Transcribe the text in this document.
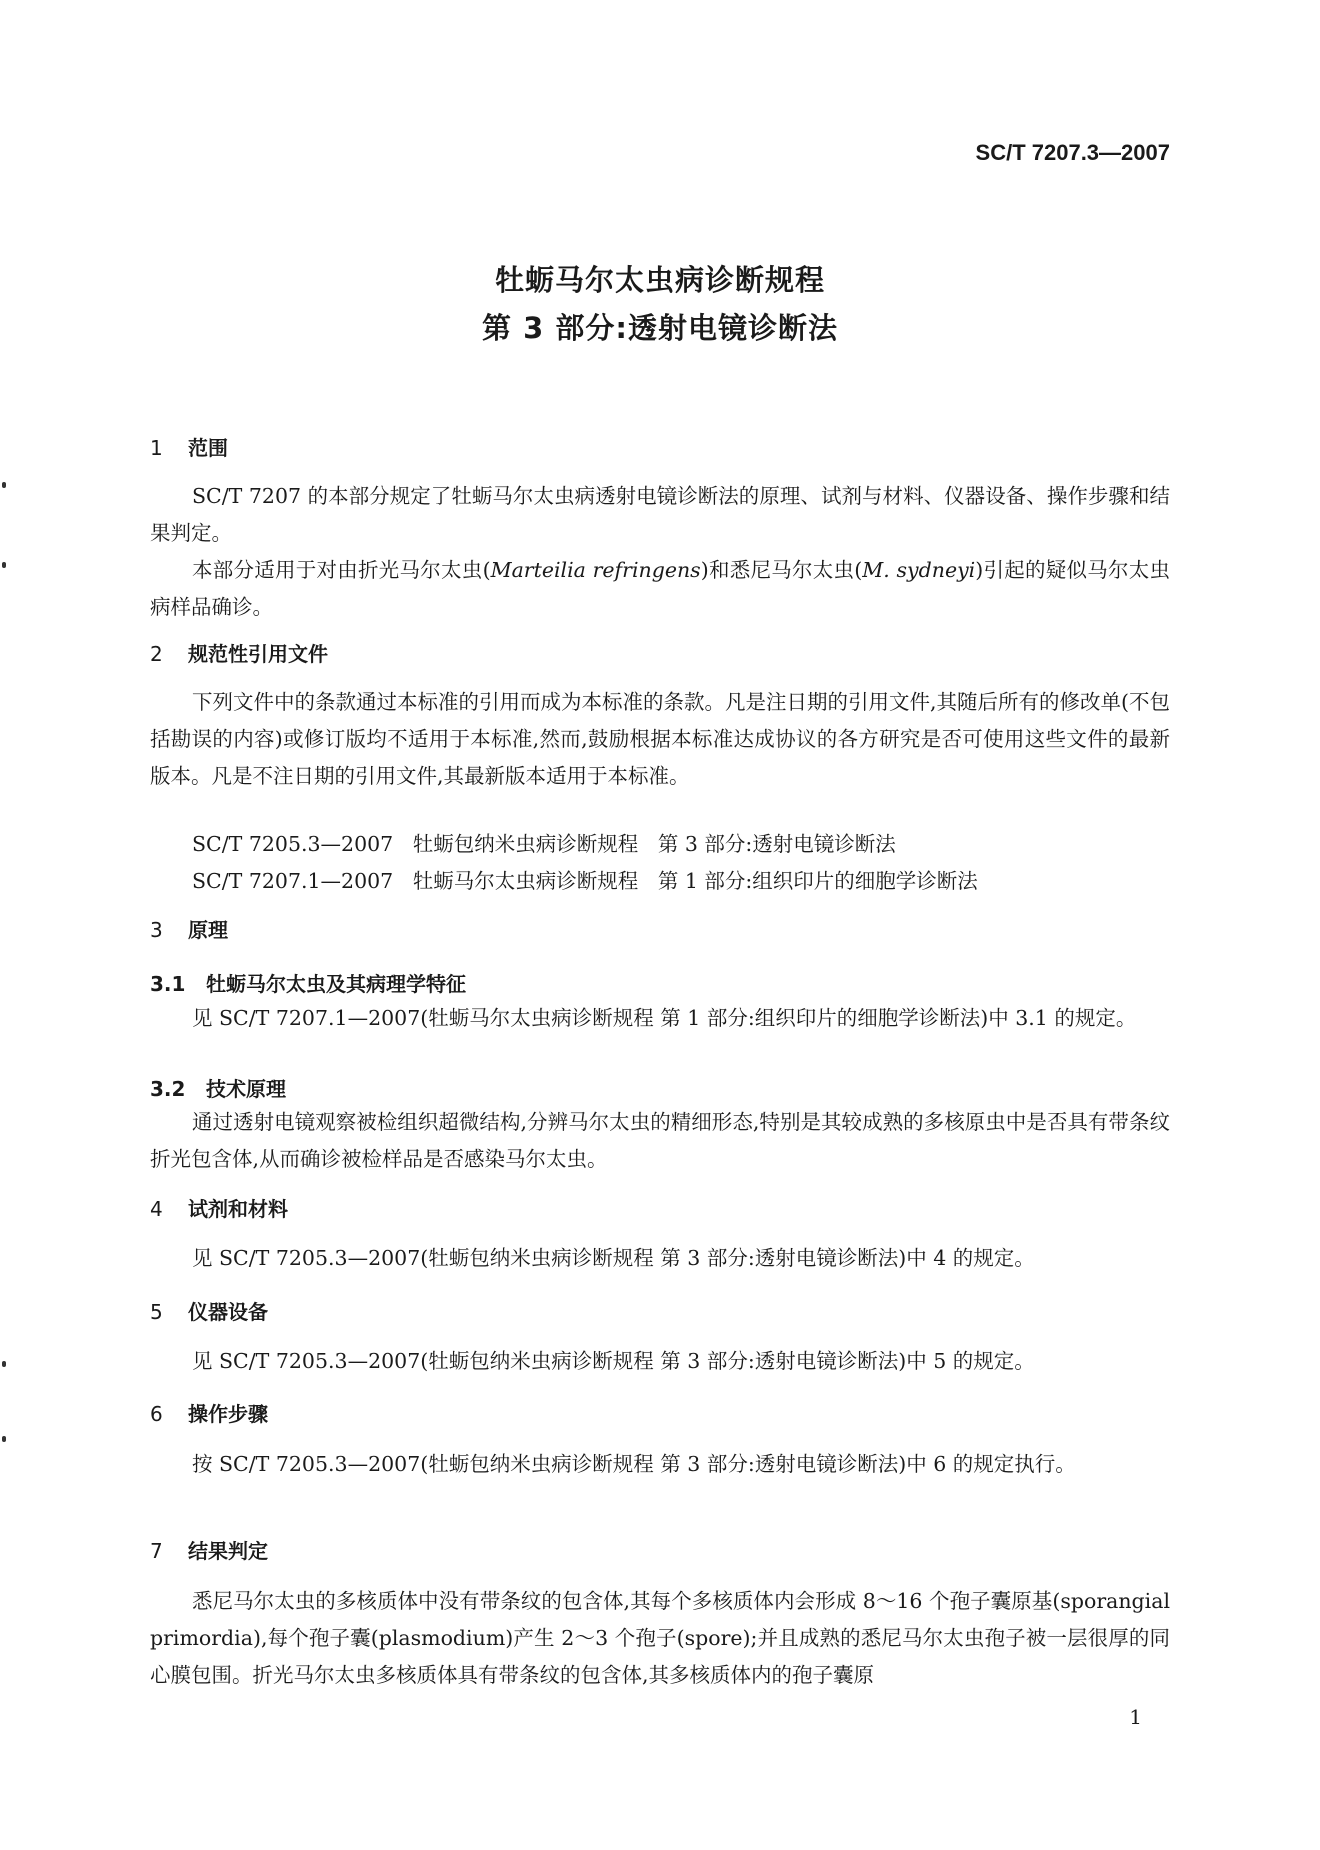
SC/T 7207.3—2007
牡蛎马尔太虫病诊断规程
第 3 部分:透射电镜诊断法
1 范围
SC/T 7207 的本部分规定了牡蛎马尔太虫病透射电镜诊断法的原理、试剂与材料、仪器设备、操作步骤和结果判定。
本部分适用于对由折光马尔太虫(Marteilia refringens)和悉尼马尔太虫(M. sydneyi)引起的疑似马尔太虫病样品确诊。
2 规范性引用文件
下列文件中的条款通过本标准的引用而成为本标准的条款。凡是注日期的引用文件,其随后所有的修改单(不包括勘误的内容)或修订版均不适用于本标准,然而,鼓励根据本标准达成协议的各方研究是否可使用这些文件的最新版本。凡是不注日期的引用文件,其最新版本适用于本标准。
SC/T 7205.3—2007   牡蛎包纳米虫病诊断规程   第 3 部分:透射电镜诊断法
SC/T 7207.1—2007   牡蛎马尔太虫病诊断规程   第 1 部分:组织印片的细胞学诊断法
3 原理
3.1 牡蛎马尔太虫及其病理学特征
见 SC/T 7207.1—2007(牡蛎马尔太虫病诊断规程 第 1 部分:组织印片的细胞学诊断法)中 3.1 的规定。
3.2 技术原理
通过透射电镜观察被检组织超微结构,分辨马尔太虫的精细形态,特别是其较成熟的多核原虫中是否具有带条纹折光包含体,从而确诊被检样品是否感染马尔太虫。
4 试剂和材料
见 SC/T 7205.3—2007(牡蛎包纳米虫病诊断规程 第 3 部分:透射电镜诊断法)中 4 的规定。
5 仪器设备
见 SC/T 7205.3—2007(牡蛎包纳米虫病诊断规程 第 3 部分:透射电镜诊断法)中 5 的规定。
6 操作步骤
按 SC/T 7205.3—2007(牡蛎包纳米虫病诊断规程 第 3 部分:透射电镜诊断法)中 6 的规定执行。
7 结果判定
悉尼马尔太虫的多核质体中没有带条纹的包含体,其每个多核质体内会形成 8～16 个孢子囊原基(sporangial primordia),每个孢子囊(plasmodium)产生 2～3 个孢子(spore);并且成熟的悉尼马尔太虫孢子被一层很厚的同心膜包围。折光马尔太虫多核质体具有带条纹的包含体,其多核质体内的孢子囊原
1
